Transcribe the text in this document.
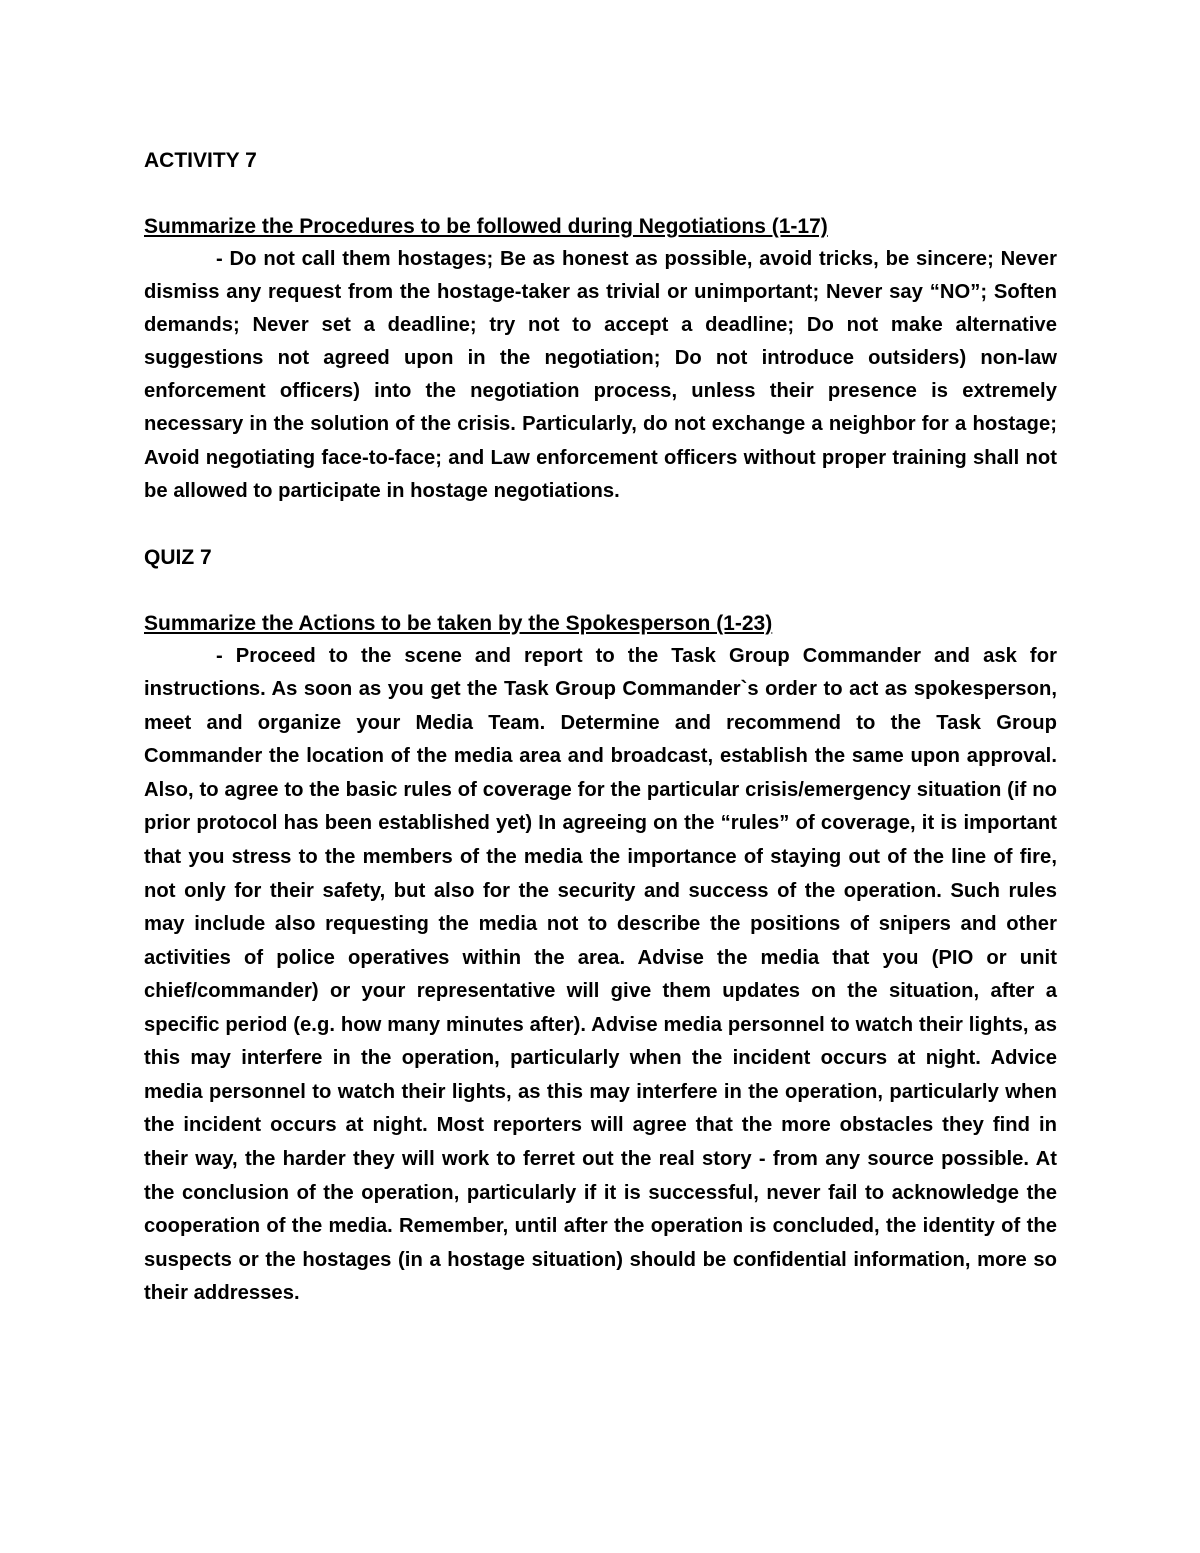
ACTIVITY 7

Summarize the Procedures to be followed during Negotiations (1-17)

- Do not call them hostages; Be as honest as possible, avoid tricks, be sincere; Never dismiss any request from the hostage-taker as trivial or unimportant; Never say “NO”; Soften demands; Never set a deadline; try not to accept a deadline; Do not make alternative suggestions not agreed upon in the negotiation; Do not introduce outsiders) non-law enforcement officers) into the negotiation process, unless their presence is extremely necessary in the solution of the crisis. Particularly, do not exchange a neighbor for a hostage; Avoid negotiating face-to-face; and Law enforcement officers without proper training shall not be allowed to participate in hostage negotiations.

QUIZ 7

Summarize the Actions to be taken by the Spokesperson (1-23)

- Proceed to the scene and report to the Task Group Commander and ask for instructions. As soon as you get the Task Group Commander`s order to act as spokesperson, meet and organize your Media Team. Determine and recommend to the Task Group Commander the location of the media area and broadcast, establish the same upon approval. Also, to agree to the basic rules of coverage for the particular crisis/emergency situation (if no prior protocol has been established yet) In agreeing on the “rules” of coverage, it is important that you stress to the members of the media the importance of staying out of the line of fire, not only for their safety, but also for the security and success of the operation. Such rules may include also requesting the media not to describe the positions of snipers and other activities of police operatives within the area. Advise the media that you (PIO or unit chief/commander) or your representative will give them updates on the situation, after a specific period (e.g. how many minutes after). Advise media personnel to watch their lights, as this may interfere in the operation, particularly when the incident occurs at night. Advice media personnel to watch their lights, as this may interfere in the operation, particularly when the incident occurs at night. Most reporters will agree that the more obstacles they find in their way, the harder they will work to ferret out the real story - from any source possible. At the conclusion of the operation, particularly if it is successful, never fail to acknowledge the cooperation of the media. Remember, until after the operation is concluded, the identity of the suspects or the hostages (in a hostage situation) should be confidential information, more so their addresses.
